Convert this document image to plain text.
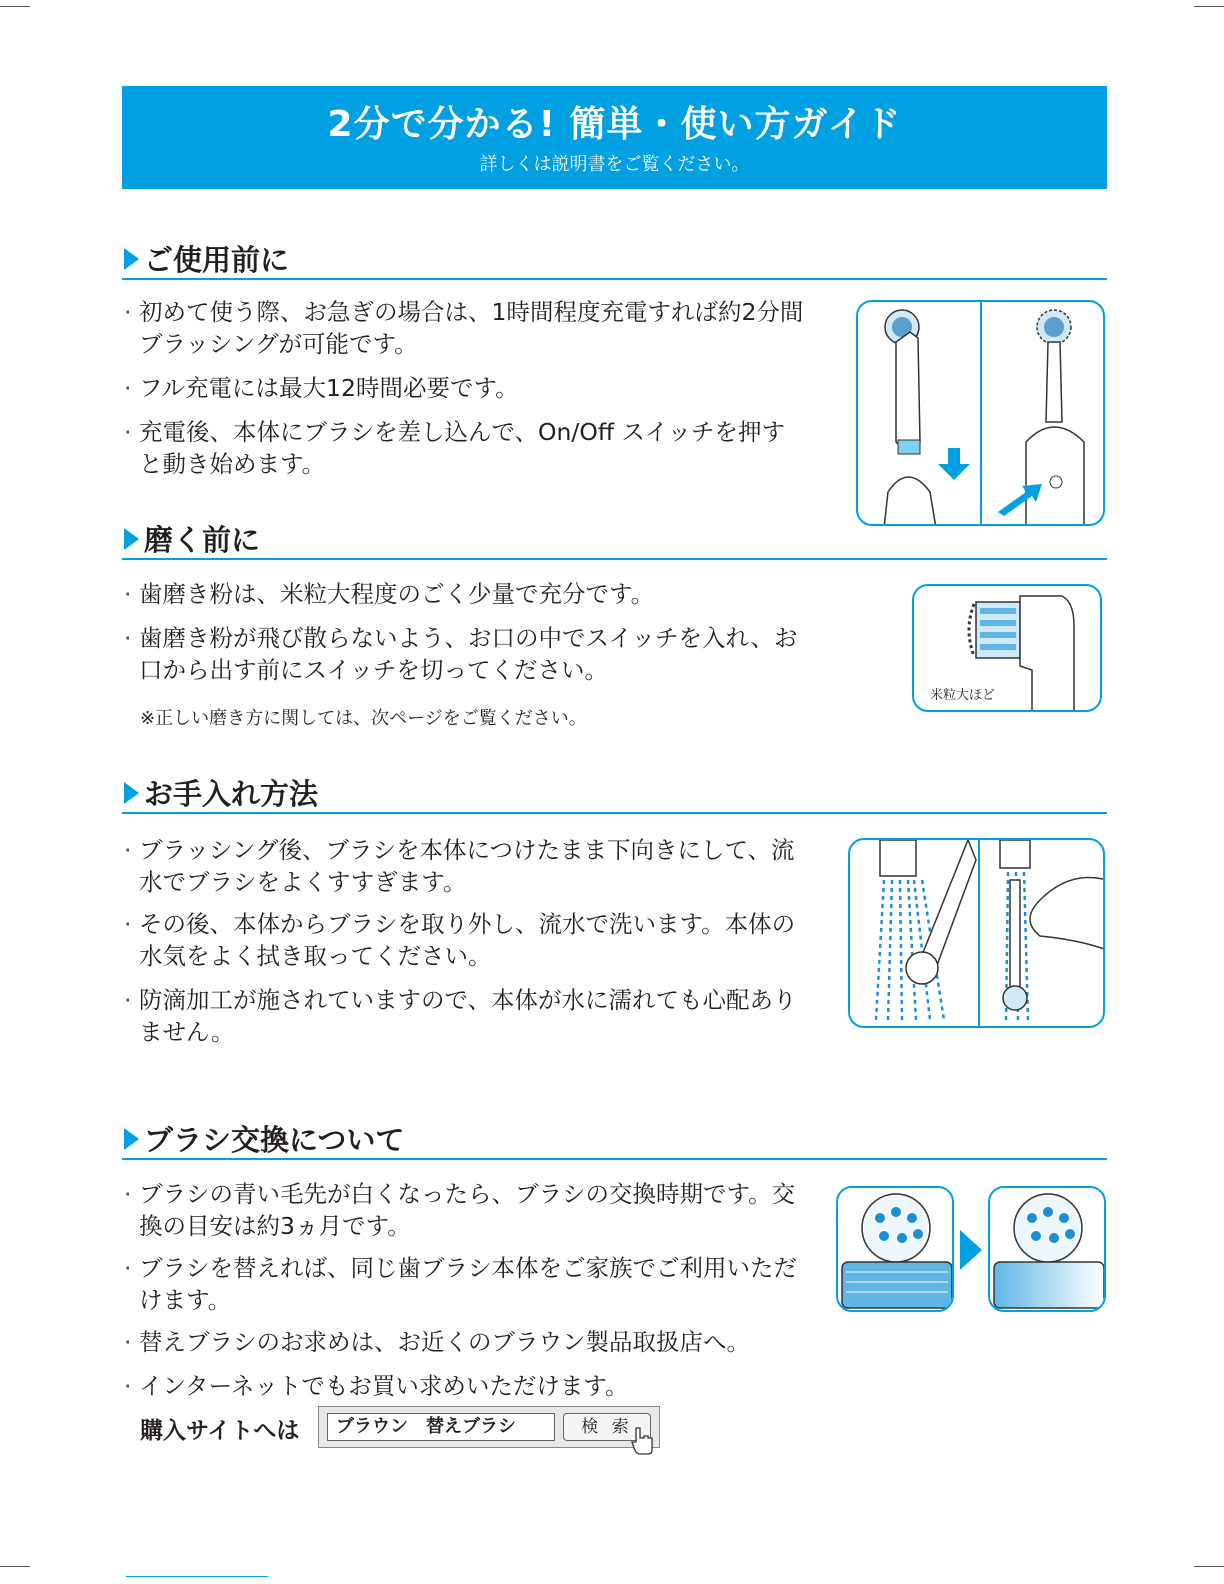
2分で分かる! 簡単・使い方ガイド
詳しくは説明書をご覧ください。
ご使用前に
· 初めて使う際、お急ぎの場合は、1時間程度充電すれば約2分間ブラッシングが可能です。
· フル充電には最大12時間必要です。
· 充電後、本体にブラシを差し込んで、On/Off スイッチを押すと動き始めます。
磨く前に
· 歯磨き粉は、米粒大程度のごく少量で充分です。
· 歯磨き粉が飛び散らないよう、お口の中でスイッチを入れ、お口から出す前にスイッチを切ってください。
※正しい磨き方に関しては、次ページをご覧ください。
米粒大ほど
お手入れ方法
· ブラッシング後、ブラシを本体につけたまま下向きにして、流水でブラシをよくすすぎます。
· その後、本体からブラシを取り外し、流水で洗います。本体の水気をよく拭き取ってください。
· 防滴加工が施されていますので、本体が水に濡れても心配ありません。
ブラシ交換について
· ブラシの青い毛先が白くなったら、ブラシの交換時期です。交換の目安は約3ヵ月です。
· ブラシを替えれば、同じ歯ブラシ本体をご家族でご利用いただけます。
· 替えブラシのお求めは、お近くのブラウン製品取扱店へ。
· インターネットでもお買い求めいただけます。
購入サイトへは	ブラウン　替えブラシ	検 索
